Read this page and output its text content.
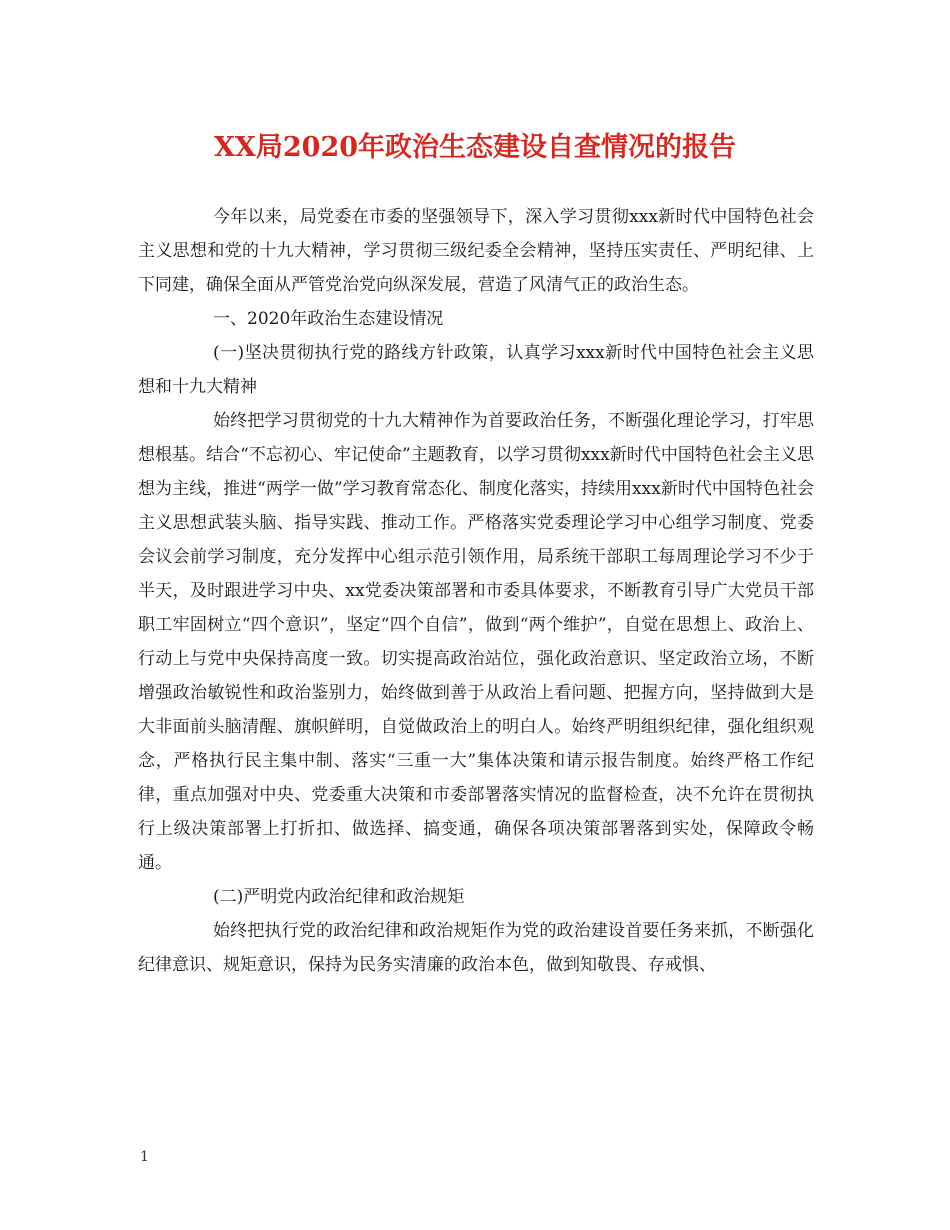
XX局2020年政治生态建设自查情况的报告

今年以来，局党委在市委的坚强领导下，深入学习贯彻xxx新时代中国特色社会主义思想和党的十九大精神，学习贯彻三级纪委全会精神，坚持压实责任、严明纪律、上下同建，确保全面从严管党治党向纵深发展，营造了风清气正的政治生态。

一、2020年政治生态建设情况

(一)坚决贯彻执行党的路线方针政策，认真学习xxx新时代中国特色社会主义思想和十九大精神

始终把学习贯彻党的十九大精神作为首要政治任务，不断强化理论学习，打牢思想根基。结合“不忘初心、牢记使命”主题教育，以学习贯彻xxx新时代中国特色社会主义思想为主线，推进“两学一做”学习教育常态化、制度化落实，持续用xxx新时代中国特色社会主义思想武装头脑、指导实践、推动工作。严格落实党委理论学习中心组学习制度、党委会议会前学习制度，充分发挥中心组示范引领作用，局系统干部职工每周理论学习不少于半天，及时跟进学习中央、xx党委决策部署和市委具体要求，不断教育引导广大党员干部职工牢固树立“四个意识”，坚定“四个自信”，做到“两个维护”，自觉在思想上、政治上、行动上与党中央保持高度一致。切实提高政治站位，强化政治意识、坚定政治立场，不断增强政治敏锐性和政治鉴别力，始终做到善于从政治上看问题、把握方向，坚持做到大是大非面前头脑清醒、旗帜鲜明，自觉做政治上的明白人。始终严明组织纪律，强化组织观念，严格执行民主集中制、落实“三重一大”集体决策和请示报告制度。始终严格工作纪律，重点加强对中央、党委重大决策和市委部署落实情况的监督检查，决不允许在贯彻执行上级决策部署上打折扣、做选择、搞变通，确保各项决策部署落到实处，保障政令畅通。

(二)严明党内政治纪律和政治规矩

始终把执行党的政治纪律和政治规矩作为党的政治建设首要任务来抓，不断强化纪律意识、规矩意识，保持为民务实清廉的政治本色，做到知敬畏、存戒惧、

1
